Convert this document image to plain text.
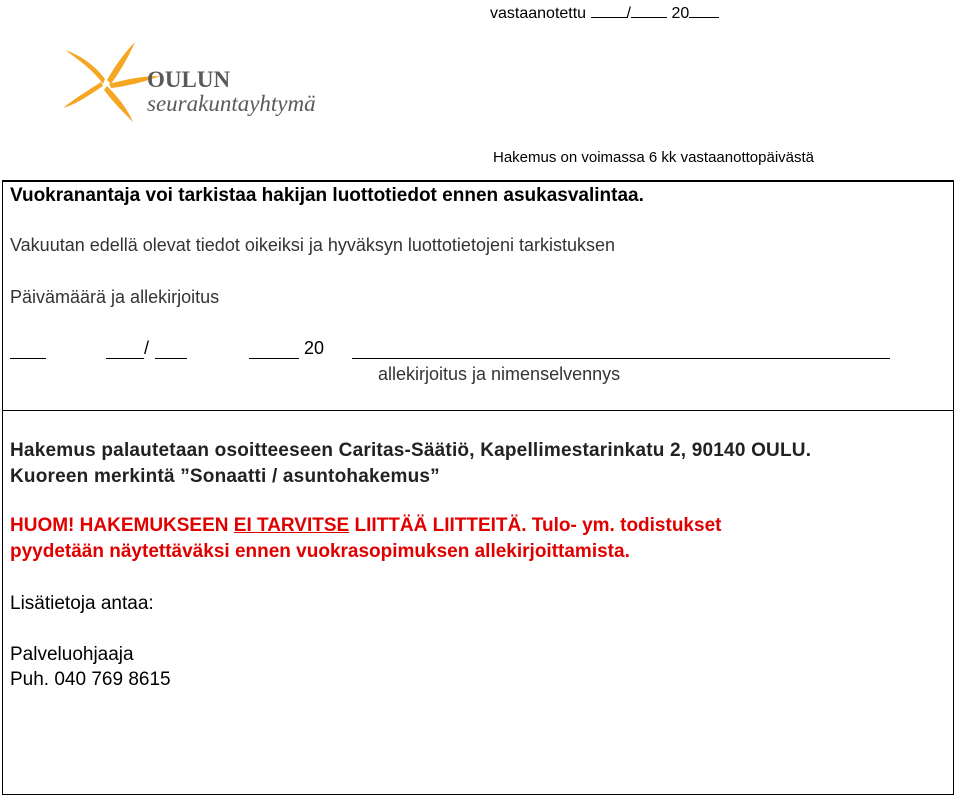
vastaanotettu	/	20
OULUN
seurakuntayhtymä
Hakemus on voimassa 6 kk vastaanottopäivästä
Vuokranantaja voi tarkistaa hakijan luottotiedot ennen asukasvalintaa.
Vakuutan edellä olevat tiedot oikeiksi ja hyväksyn luottotietojeni tarkistuksen
Päivämäärä ja allekirjoitus
/	20
allekirjoitus ja nimenselvennys
Hakemus palautetaan osoitteeseen Caritas-Säätiö, Kapellimestarinkatu 2, 90140 OULU.
Kuoreen merkintä ”Sonaatti / asuntohakemus”
HUOM! HAKEMUKSEEN EI TARVITSE LIITTÄÄ LIITTEITÄ. Tulo- ym. todistukset
pyydetään näytettäväksi ennen vuokrasopimuksen allekirjoittamista.
Lisätietoja antaa:
Palveluohjaaja
Puh. 040 769 8615
